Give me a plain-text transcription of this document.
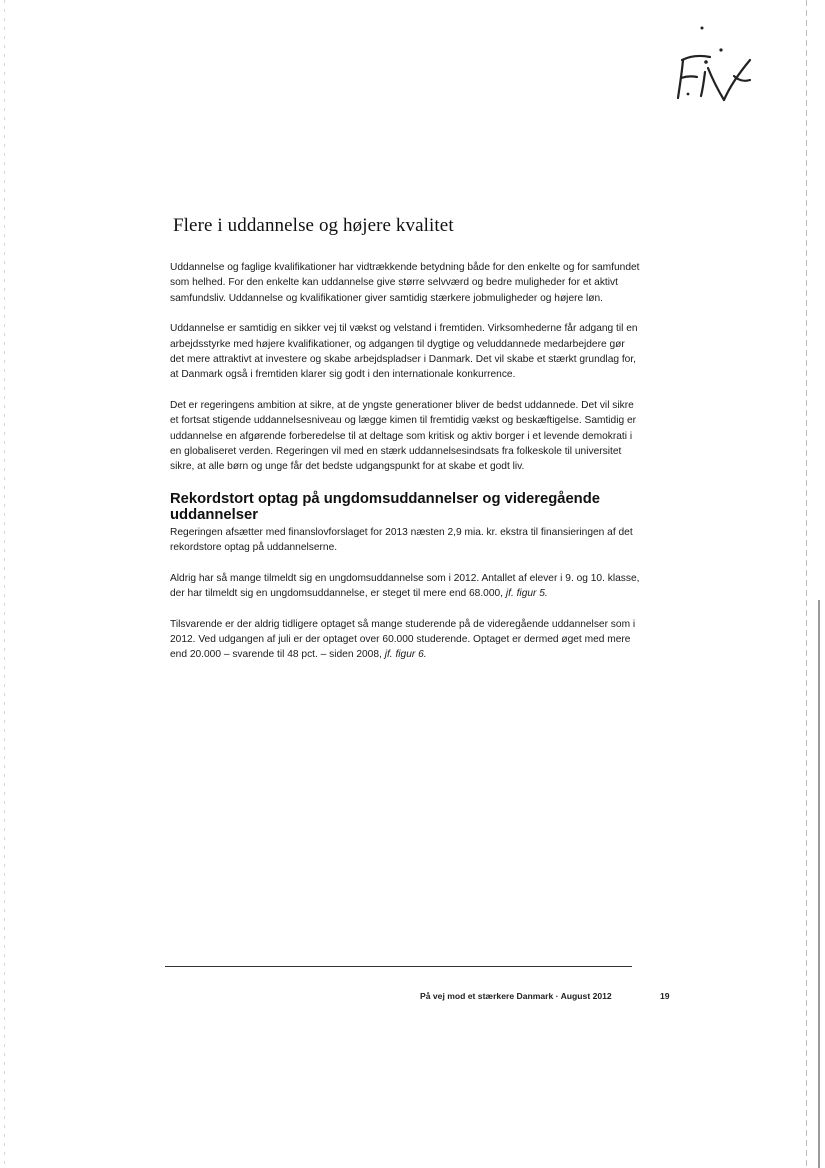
Flere i uddannelse og højere kvalitet

Uddannelse og faglige kvalifikationer har vidtrækkende betydning både for den enkelte og for samfundet som helhed. For den enkelte kan uddannelse give større selvværd og bedre muligheder for et aktivt samfundsliv. Uddannelse og kvalifikationer giver samtidig stærkere jobmuligheder og højere løn.

Uddannelse er samtidig en sikker vej til vækst og velstand i fremtiden. Virksomhederne får adgang til en arbejdsstyrke med højere kvalifikationer, og adgangen til dygtige og veluddannede medarbejdere gør det mere attraktivt at investere og skabe arbejdspladser i Danmark. Det vil skabe et stærkt grundlag for, at Danmark også i fremtiden klarer sig godt i den internationale konkurrence.

Det er regeringens ambition at sikre, at de yngste generationer bliver de bedst uddannede. Det vil sikre et fortsat stigende uddannelsesniveau og lægge kimen til fremtidig vækst og beskæftigelse. Samtidig er uddannelse en afgørende forberedelse til at deltage som kritisk og aktiv borger i et levende demokrati i en globaliseret verden. Regeringen vil med en stærk uddannelsesindsats fra folkeskole til universitet sikre, at alle børn og unge får det bedste udgangspunkt for at skabe et godt liv.

Rekordstort optag på ungdomsuddannelser og videregående uddannelser

Regeringen afsætter med finanslovforslaget for 2013 næsten 2,9 mia. kr. ekstra til finansieringen af det rekordstore optag på uddannelserne.

Aldrig har så mange tilmeldt sig en ungdomsuddannelse som i 2012. Antallet af elever i 9. og 10. klasse, der har tilmeldt sig en ungdomsuddannelse, er steget til mere end 68.000, jf. figur 5.

Tilsvarende er der aldrig tidligere optaget så mange studerende på de videregående uddannelser som i 2012. Ved udgangen af juli er der optaget over 60.000 studerende. Optaget er dermed øget med mere end 20.000 – svarende til 48 pct. – siden 2008, jf. figur 6.

På vej mod et stærkere Danmark · August 2012	19
